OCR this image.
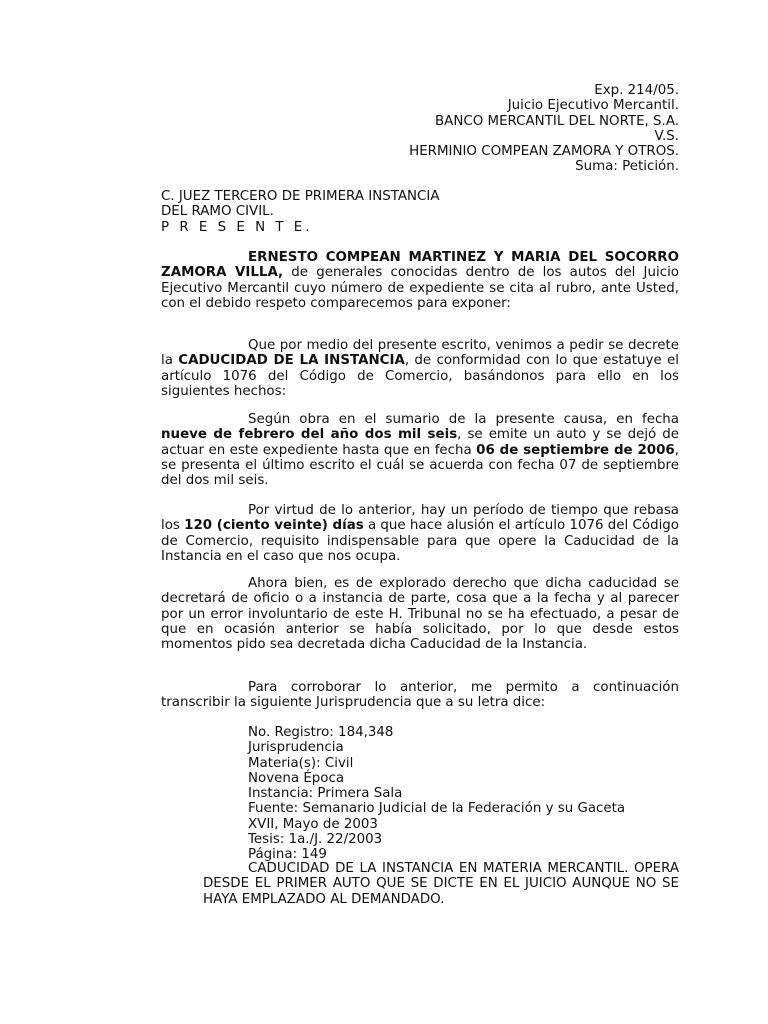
Exp. 214/05.
Juicio Ejecutivo Mercantil.
BANCO MERCANTIL DEL NORTE, S.A.
V.S.
HERMINIO COMPEAN ZAMORA Y OTROS.
Suma: Petición.
C. JUEZ TERCERO DE PRIMERA INSTANCIA
DEL RAMO CIVIL.
P R E S E N T E.

ERNESTO COMPEAN MARTINEZ Y MARIA DEL SOCORRO ZAMORA VILLA, de generales conocidas dentro de los autos del Juicio Ejecutivo Mercantil cuyo número de expediente se cita al rubro, ante Usted, con el debido respeto comparecemos para exponer:

Que por medio del presente escrito, venimos a pedir se decrete la CADUCIDAD DE LA INSTANCIA, de conformidad con lo que estatuye el artículo 1076 del Código de Comercio, basándonos para ello en los siguientes hechos:

Según obra en el sumario de la presente causa, en fecha nueve de febrero del año dos mil seis, se emite un auto y se dejó de actuar en este expediente hasta que en fecha 06 de septiembre de 2006, se presenta el último escrito el cuál se acuerda con fecha 07 de septiembre del dos mil seis.

Por virtud de lo anterior, hay un período de tiempo que rebasa los 120 (ciento veinte) días a que hace alusión el artículo 1076 del Código de Comercio, requisito indispensable para que opere la Caducidad de la Instancia en el caso que nos ocupa.

Ahora bien, es de explorado derecho que dicha caducidad se decretará de oficio o a instancia de parte, cosa que a la fecha y al parecer por un error involuntario de este H. Tribunal no se ha efectuado, a pesar de que en ocasión anterior se había solicitado, por lo que desde estos momentos pido sea decretada dicha Caducidad de la Instancia.

Para corroborar lo anterior, me permito a continuación transcribir la siguiente Jurisprudencia que a su letra dice:

No. Registro: 184,348
Jurisprudencia
Materia(s): Civil
Novena Época
Instancia: Primera Sala
Fuente: Semanario Judicial de la Federación y su Gaceta
XVII, Mayo de 2003
Tesis: 1a./J. 22/2003
Página: 149

CADUCIDAD DE LA INSTANCIA EN MATERIA MERCANTIL. OPERA DESDE EL PRIMER AUTO QUE SE DICTE EN EL JUICIO AUNQUE NO SE HAYA EMPLAZADO AL DEMANDADO.
